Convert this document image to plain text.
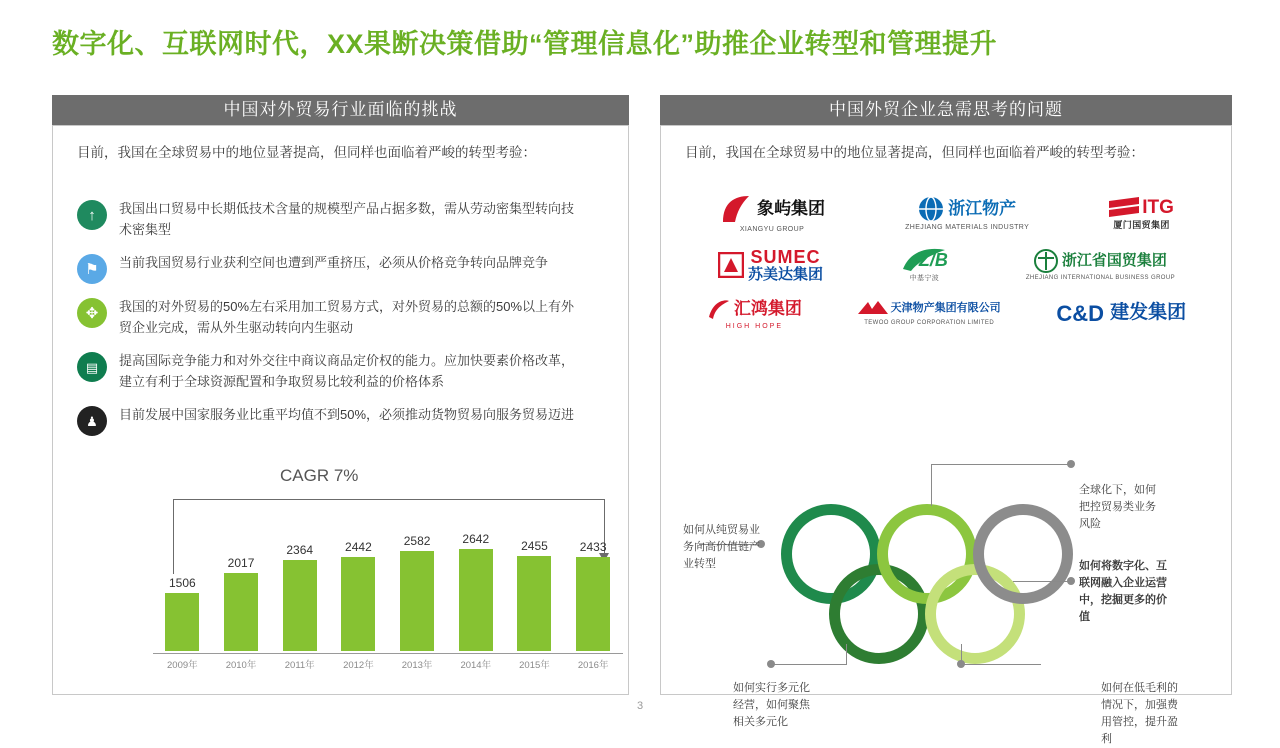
数字化、互联网时代，XX果断决策借助“管理信息化”助推企业转型和管理提升
中国对外贸易行业面临的挑战
目前，我国在全球贸易中的地位显著提高，但同样也面临着严峻的转型考验：
↑	我国出口贸易中长期低技术含量的规模型产品占据多数，需从劳动密集型转向技术密集型
⚑	当前我国贸易行业获利空间也遭到严重挤压，必须从价格竞争转向品牌竞争
✥	我国的对外贸易的50%左右采用加工贸易方式，对外贸易的总额的50%以上有外贸企业完成，需从外生驱动转向内生驱动
▤	提高国际竞争能力和对外交往中商议商品定价权的能力。应加快要素价格改革，建立有利于全球资源配置和争取贸易比较利益的价格体系
♟	目前发展中国家服务业比重平均值不到50%，必须推动货物贸易向服务贸易迈进
CAGR 7%
1506
2017
2364	2442	2582	2642	2455	2433
2009年	2010年	2011年	2012年	2013年	2014年	2015年	2016年
中国外贸企业急需思考的问题
目前，我国在全球贸易中的地位显著提高，但同样也面临着严峻的转型考验：
象屿集团
XIANGYU GROUP
浙江物产
ZHEJIANG MATERIALS INDUSTRY
ITG
厦门国贸集团
SUMEC
苏美达集团
Z/B
中基宁波
浙江省国贸集团
ZHEJIANG INTERNATIONAL BUSINESS GROUP
汇鸿集团
HIGH HOPE
天津物产集团有限公司
TEWOO GROUP CORPORATION LIMITED	C&D 建发集团
01
02
03
04
05
如何从纯贸易业务向高价值链产业转型
如何实行多元化经营，如何聚焦相关多元化
全球化下，如何把控贸易类业务风险
如何在低毛利的情况下，加强费用管控，提升盈利
如何将数字化、互联网融入企业运营中，挖掘更多的价值
3
